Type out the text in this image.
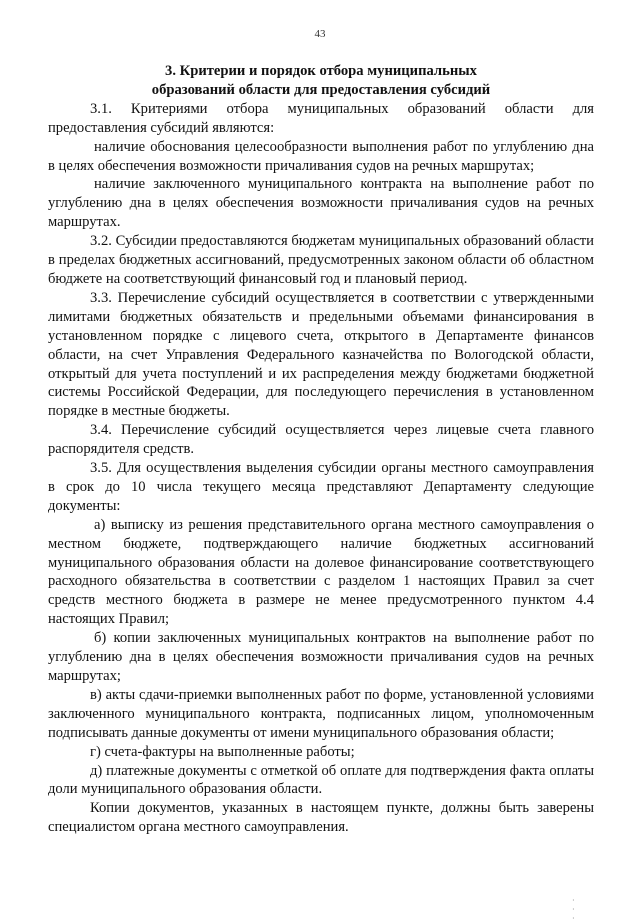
43
3. Критерии и порядок отбора муниципальных
образований области для предоставления субсидий

3.1. Критериями отбора муниципальных образований области для предоставления субсидий являются:

наличие обоснования целесообразности выполнения работ по углублению дна в целях обеспечения возможности причаливания судов на речных маршрутах;

наличие заключенного муниципального контракта на выполнение работ по углублению дна в целях обеспечения возможности причаливания судов на речных маршрутах.

3.2. Субсидии предоставляются бюджетам муниципальных образований области в пределах бюджетных ассигнований, предусмотренных законом области об областном бюджете на соответствующий финансовый год и плановый период.

3.3. Перечисление субсидий осуществляется в соответствии с утвержденными лимитами бюджетных обязательств и предельными объемами финансирования в установленном порядке с лицевого счета, открытого в Департаменте финансов области, на счет Управления Федерального казначейства по Вологодской области, открытый для учета поступлений и их распределения между бюджетами бюджетной системы Российской Федерации, для последующего перечисления в установленном порядке в местные бюджеты.

3.4. Перечисление субсидий осуществляется через лицевые счета главного распорядителя средств.

3.5. Для осуществления выделения субсидии органы местного самоуправления в срок до 10 числа текущего месяца представляют Департаменту следующие документы:

а) выписку из решения представительного органа местного самоуправления о местном бюджете, подтверждающего наличие бюджетных ассигнований муниципального образования области на долевое финансирование соответствующего расходного обязательства в соответствии с разделом 1 настоящих Правил за счет средств местного бюджета в размере не менее предусмотренного пунктом 4.4 настоящих Правил;

б) копии заключенных муниципальных контрактов на выполнение работ по углублению дна в целях обеспечения возможности причаливания судов на речных маршрутах;

в) акты сдачи-приемки выполненных работ по форме, установленной условиями заключенного муниципального контракта, подписанных лицом, уполномоченным подписывать данные документы от имени муниципального образования области;

г) счета-фактуры на выполненные работы;

д) платежные документы с отметкой об оплате для подтверждения факта оплаты доли муниципального образования области.

Копии документов, указанных в настоящем пункте, должны быть заверены специалистом органа местного самоуправления.

· · ·
